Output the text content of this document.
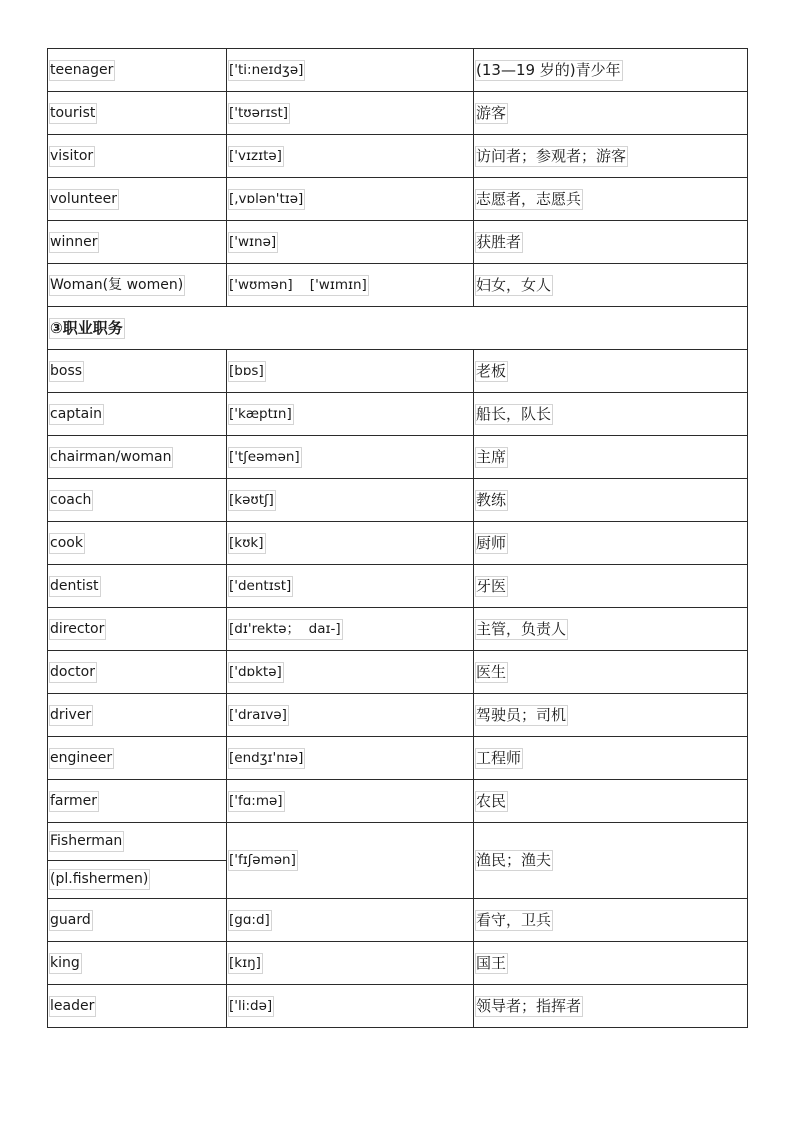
teenager	['ti:neɪdʒə]	(13—19 岁的)青少年
tourist	['tʊərɪst]	游客
visitor	['vɪzɪtə]	访问者；参观者；游客
volunteer	[,vɒlən'tɪə]	志愿者，志愿兵
winner	['wɪnə]	获胜者
Woman(复 women)	['wʊmən]    ['wɪmɪn]	妇女，女人
③职业职务		
boss	[bɒs]	老板
captain	['kæptɪn]	船长，队长
chairman/woman	['tʃeəmən]	主席
coach	[kəʊtʃ]	教练
cook	[kʊk]	厨师
dentist	['dentɪst]	牙医
director	[dɪ'rektə；  daɪ-]	主管，负责人
doctor	['dɒktə]	医生
driver	['draɪvə]	驾驶员；司机
engineer	[endʒɪ'nɪə]	工程师
farmer	['fɑ:mə]	农民
Fisherman	['fɪʃəmən]	渔民；渔夫
(pl.fishermen)		
guard	[gɑ:d]	看守，卫兵
king	[kɪŋ]	国王
leader	['li:də]	领导者；指挥者
